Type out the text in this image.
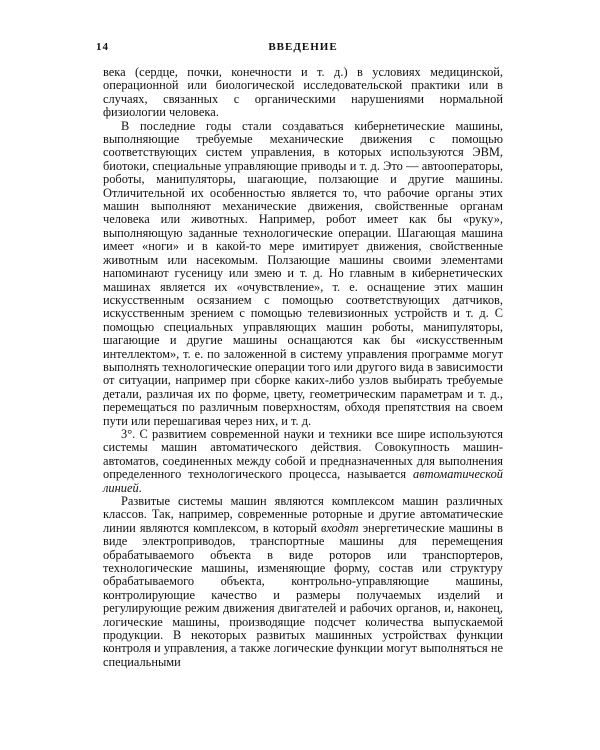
14	ВВЕДЕНИЕ

века (сердце, почки, конечности и т. д.) в условиях медицинской, операционной или биологической исследовательской практики или в случаях, связанных с органическими нарушениями нормальной физиологии человека.

В последние годы стали создаваться кибернетические машины, выполняющие требуемые механические движения с помощью соответствующих систем управления, в которых используются ЭВМ, биотоки, специальные управляющие приводы и т. д. Это — автооператоры, роботы, манипуляторы, шагающие, ползающие и другие машины. Отличительной их особенностью является то, что рабочие органы этих машин выполняют механические движения, свойственные органам человека или животных. Например, робот имеет как бы «руку», выполняющую заданные технологические операции. Шагающая машина имеет «ноги» и в какой-то мере имитирует движения, свойственные животным или насекомым. Ползающие машины своими элементами напоминают гусеницу или змею и т. д. Но главным в кибернетических машинах является их «очувствление», т. е. оснащение этих машин искусственным осязанием с помощью соответствующих датчиков, искусственным зрением с помощью телевизионных устройств и т. д. С помощью специальных управляющих машин роботы, манипуляторы, шагающие и другие машины оснащаются как бы «искусственным интеллектом», т. е. по заложенной в систему управления программе могут выполнять технологические операции того или другого вида в зависимости от ситуации, например при сборке каких-либо узлов выбирать требуемые детали, различая их по форме, цвету, геометрическим параметрам и т. д., перемещаться по различным поверхностям, обходя препятствия на своем пути или перешагивая через них, и т. д.

3°. С развитием современной науки и техники все шире используются системы машин автоматического действия. Совокупность машин-автоматов, соединенных между собой и предназначенных для выполнения определенного технологического процесса, называется автоматической линией.

Развитые системы машин являются комплексом машин различных классов. Так, например, современные роторные и другие автоматические линии являются комплексом, в который входят энергетические машины в виде электроприводов, транспортные машины для перемещения обрабатываемого объекта в виде роторов или транспортеров, технологические машины, изменяющие форму, состав или структуру обрабатываемого объекта, контрольно-управляющие машины, контролирующие качество и размеры получаемых изделий и регулирующие режим движения двигателей и рабочих органов, и, наконец, логические машины, производящие подсчет количества выпускаемой продукции. В некоторых развитых машинных устройствах функции контроля и управления, а также логические функции могут выполняться не специальными
